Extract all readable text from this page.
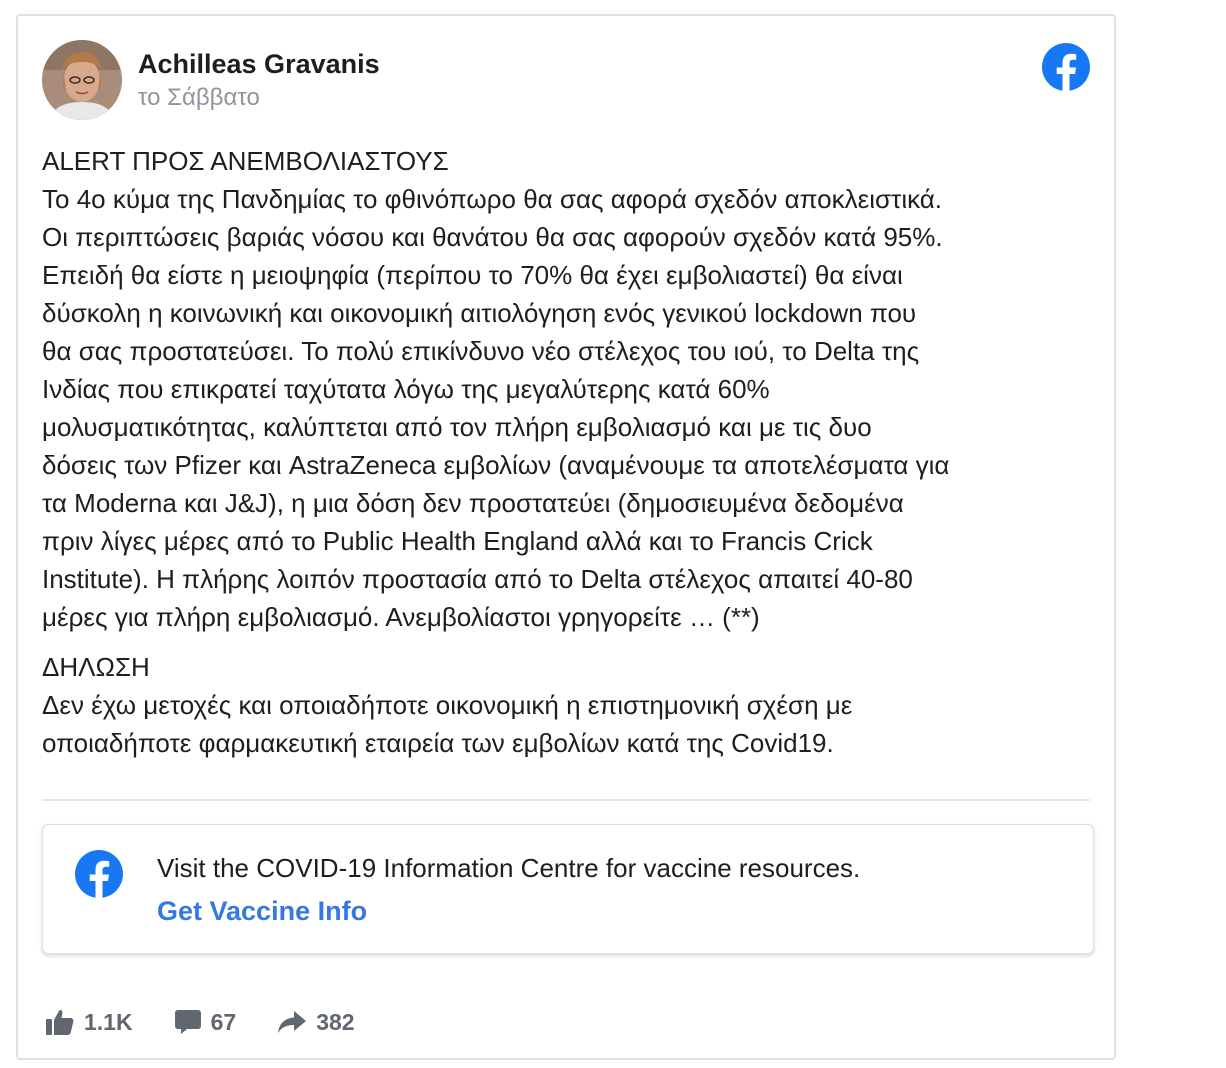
Achilleas Gravanis
το Σάββατο

ALERT ΠΡΟΣ ΑΝΕΜΒΟΛΙΑΣΤΟΥΣ

Το 4ο κύμα της Πανδημίας το φθινόπωρο θα σας αφορά σχεδόν αποκλειστικά.

Οι περιπτώσεις βαριάς νόσου και θανάτου θα σας αφορούν σχεδόν κατά 95%.

Επειδή θα είστε η μειοψηφία (περίπου το 70% θα έχει εμβολιαστεί) θα είναι

δύσκολη η κοινωνική και οικονομική αιτιολόγηση ενός γενικού lockdown που

θα σας προστατεύσει. Το πολύ επικίνδυνο νέο στέλεχος του ιού, το Delta της

Ινδίας που επικρατεί ταχύτατα λόγω της μεγαλύτερης κατά 60%

μολυσματικότητας, καλύπτεται από τον πλήρη εμβολιασμό και με τις δυο

δόσεις των Pfizer και AstraZeneca εμβολίων (αναμένουμε τα αποτελέσματα για

τα Moderna και J&J), η μια δόση δεν προστατεύει (δημοσιευμένα δεδομένα

πριν λίγες μέρες από το Public Health England αλλά και το Francis Crick

Institute). Η πλήρης λοιπόν προστασία από το Delta στέλεχος απαιτεί 40-80

μέρες για πλήρη εμβολιασμό. Ανεμβολίαστοι γρηγορείτε … (**)

ΔΗΛΩΣΗ

Δεν έχω μετοχές και οποιαδήποτε οικονομική η επιστημονική σχέση με

οποιαδήποτε φαρμακευτική εταιρεία των εμβολίων κατά της Covid19.

Visit the COVID-19 Information Centre for vaccine resources.
Get Vaccine Info
1.1K	67	382
